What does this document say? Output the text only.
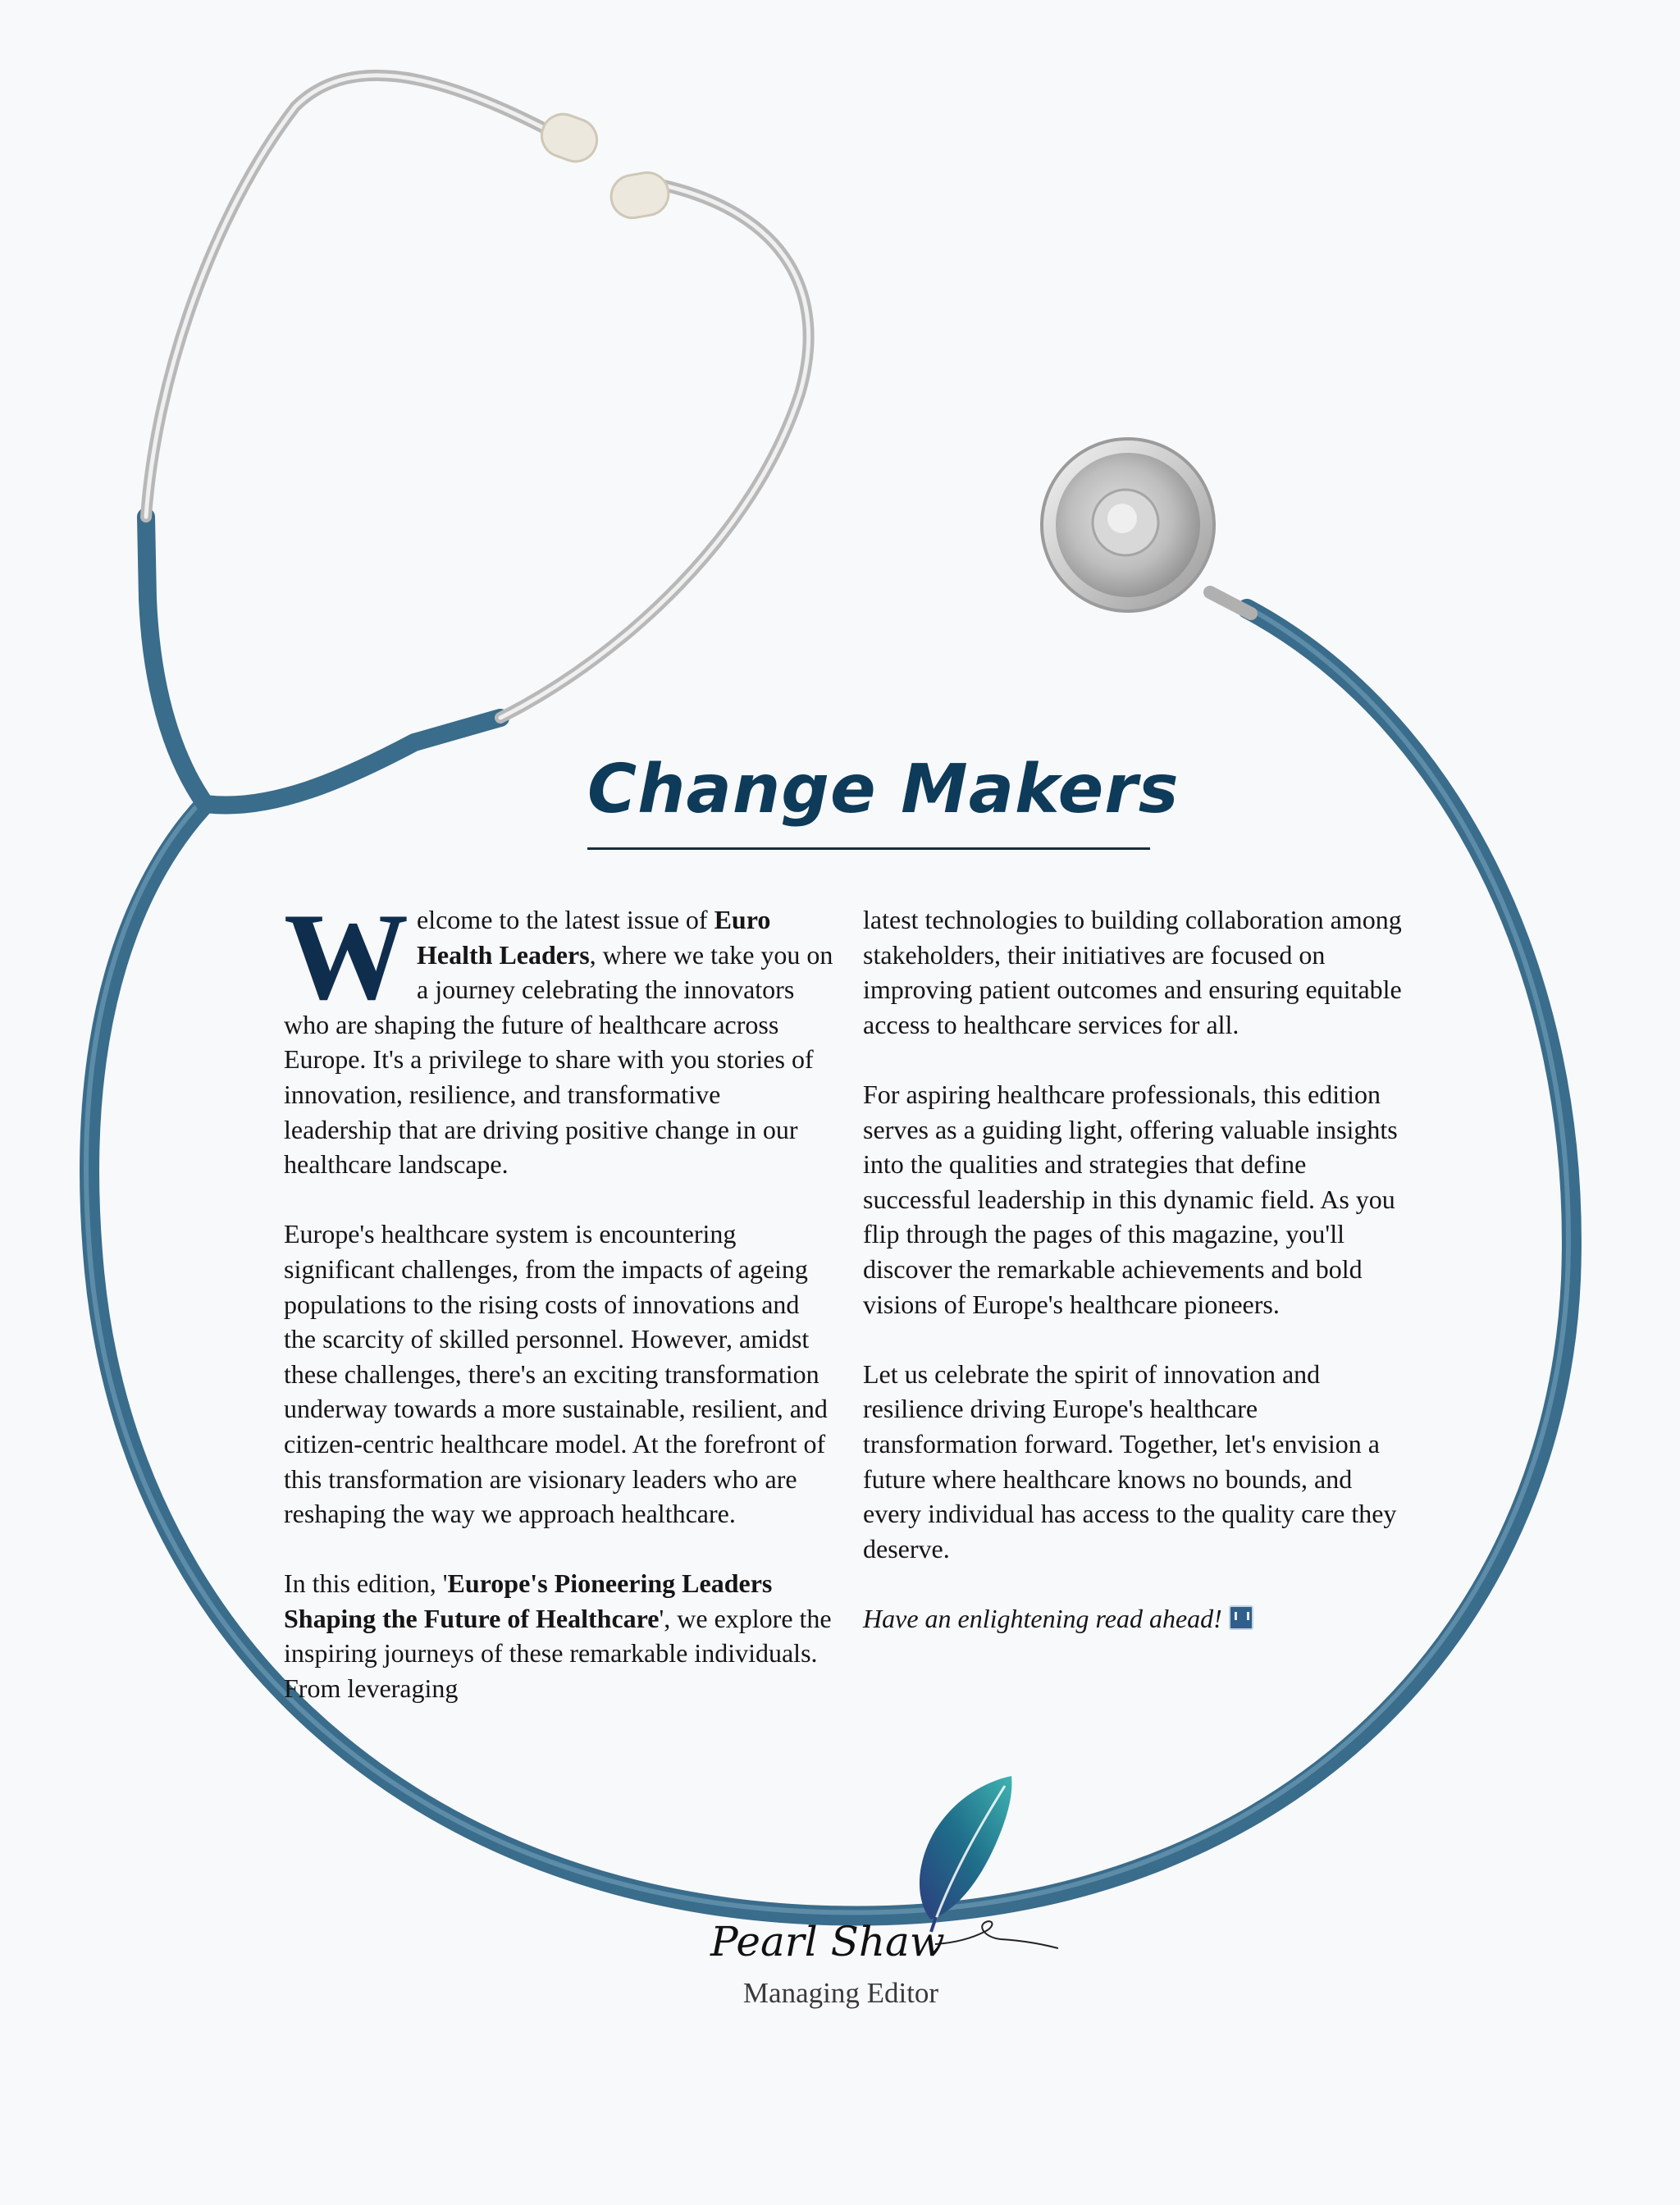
Change Makers

Welcome to the latest issue of Euro Health Leaders, where we take you on a journey celebrating the innovators who are shaping the future of healthcare across Europe. It's a privilege to share with you stories of innovation, resilience, and transformative leadership that are driving positive change in our healthcare landscape.

Europe's healthcare system is encountering significant challenges, from the impacts of ageing populations to the rising costs of innovations and the scarcity of skilled personnel. However, amidst these challenges, there's an exciting transformation underway towards a more sustainable, resilient, and citizen-centric healthcare model. At the forefront of this transformation are visionary leaders who are reshaping the way we approach healthcare.

In this edition, 'Europe's Pioneering Leaders Shaping the Future of Healthcare', we explore the inspiring journeys of these remarkable individuals. From leveraging

latest technologies to building collaboration among stakeholders, their initiatives are focused on improving patient outcomes and ensuring equitable access to healthcare services for all.

For aspiring healthcare professionals, this edition serves as a guiding light, offering valuable insights into the qualities and strategies that define successful leadership in this dynamic field. As you flip through the pages of this magazine, you'll discover the remarkable achievements and bold visions of Europe's healthcare pioneers.

Let us celebrate the spirit of innovation and resilience driving Europe's healthcare transformation forward. Together, let's envision a future where healthcare knows no bounds, and every individual has access to the quality care they deserve.

Have an enlightening read ahead!

Pearl Shaw
Managing Editor
